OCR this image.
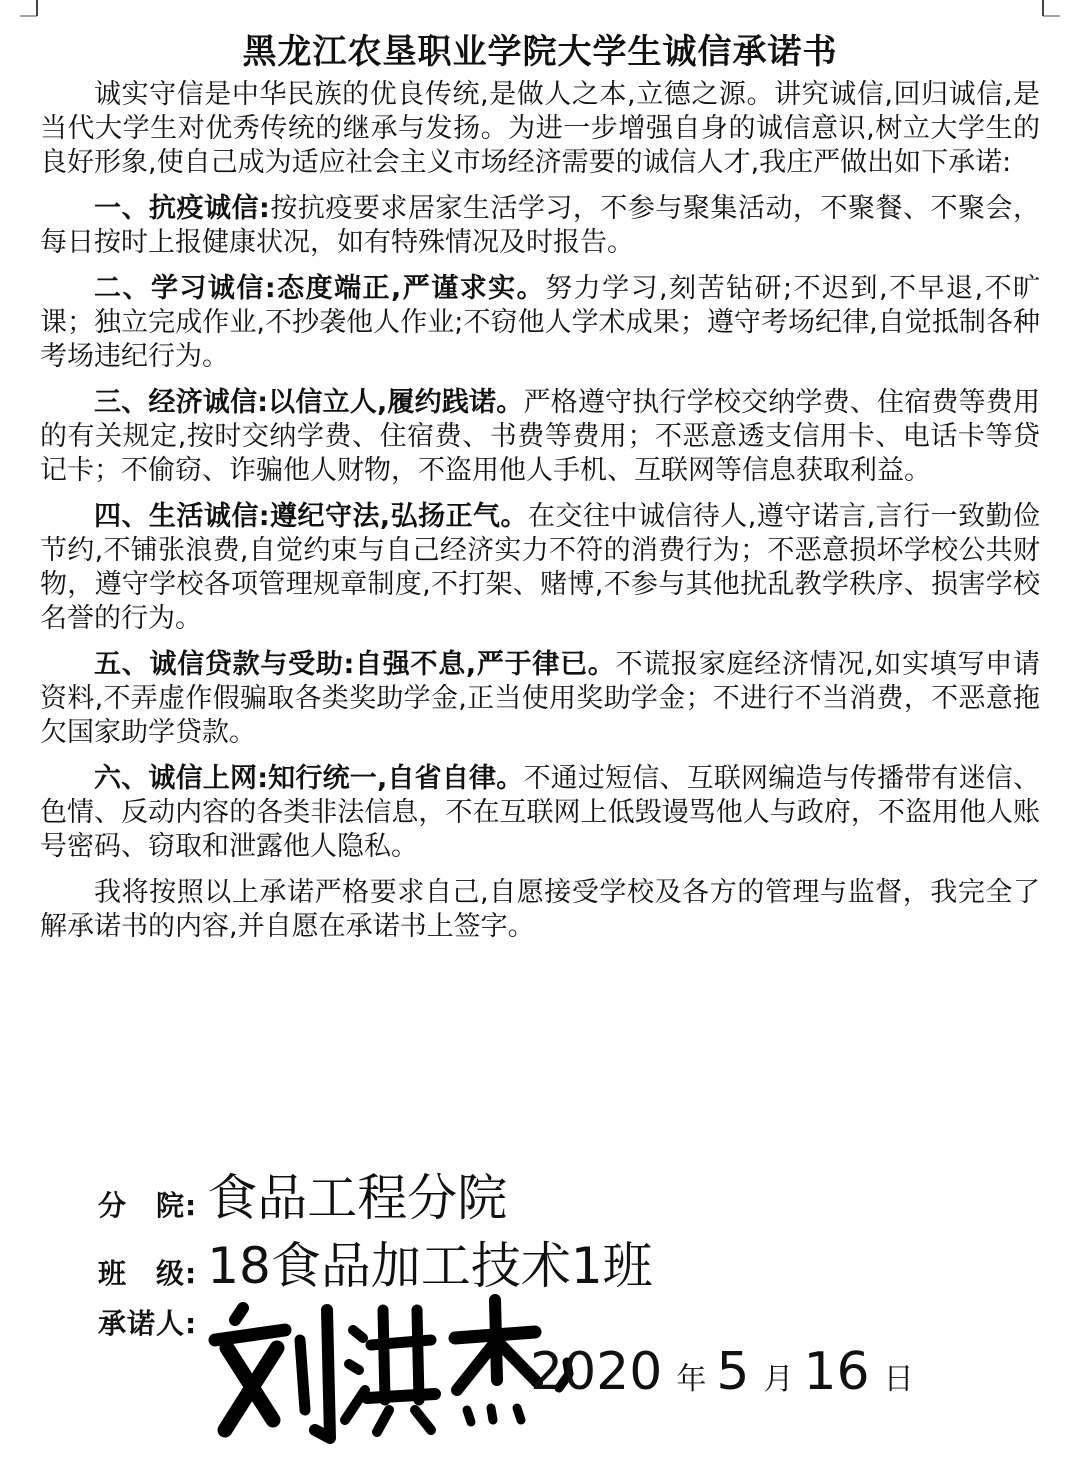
黑龙江农垦职业学院大学生诚信承诺书

诚实守信是中华民族的优良传统,是做人之本,立德之源。讲究诚信,回归诚信,是当代大学生对优秀传统的继承与发扬。为进一步增强自身的诚信意识,树立大学生的良好形象,使自己成为适应社会主义市场经济需要的诚信人才,我庄严做出如下承诺:

一、抗疫诚信:按抗疫要求居家生活学习，不参与聚集活动，不聚餐、不聚会，每日按时上报健康状况，如有特殊情况及时报告。

二、学习诚信:态度端正,严谨求实。努力学习,刻苦钻研;不迟到,不早退,不旷课；独立完成作业,不抄袭他人作业;不窃他人学术成果；遵守考场纪律,自觉抵制各种考场违纪行为。

三、经济诚信:以信立人,履约践诺。严格遵守执行学校交纳学费、住宿费等费用的有关规定,按时交纳学费、住宿费、书费等费用；不恶意透支信用卡、电话卡等贷记卡；不偷窃、诈骗他人财物，不盗用他人手机、互联网等信息获取利益。

四、生活诚信:遵纪守法,弘扬正气。在交往中诚信待人,遵守诺言,言行一致勤俭节约,不铺张浪费,自觉约束与自己经济实力不符的消费行为；不恶意损坏学校公共财物，遵守学校各项管理规章制度,不打架、赌博,不参与其他扰乱教学秩序、损害学校名誉的行为。

五、诚信贷款与受助:自强不息,严于律已。不谎报家庭经济情况,如实填写申请资料,不弄虚作假骗取各类奖助学金,正当使用奖助学金；不进行不当消费，不恶意拖欠国家助学贷款。

六、诚信上网:知行统一,自省自律。不通过短信、互联网编造与传播带有迷信、色情、反动内容的各类非法信息，不在互联网上低毁谩骂他人与政府，不盗用他人账号密码、窃取和泄露他人隐私。

我将按照以上承诺严格要求自己,自愿接受学校及各方的管理与监督，我完全了解承诺书的内容,并自愿在承诺书上签字。

分　院: 食品工程分院
班　级: 18食品加工技术1班
承诺人:
2020 年 5 月 16 日
